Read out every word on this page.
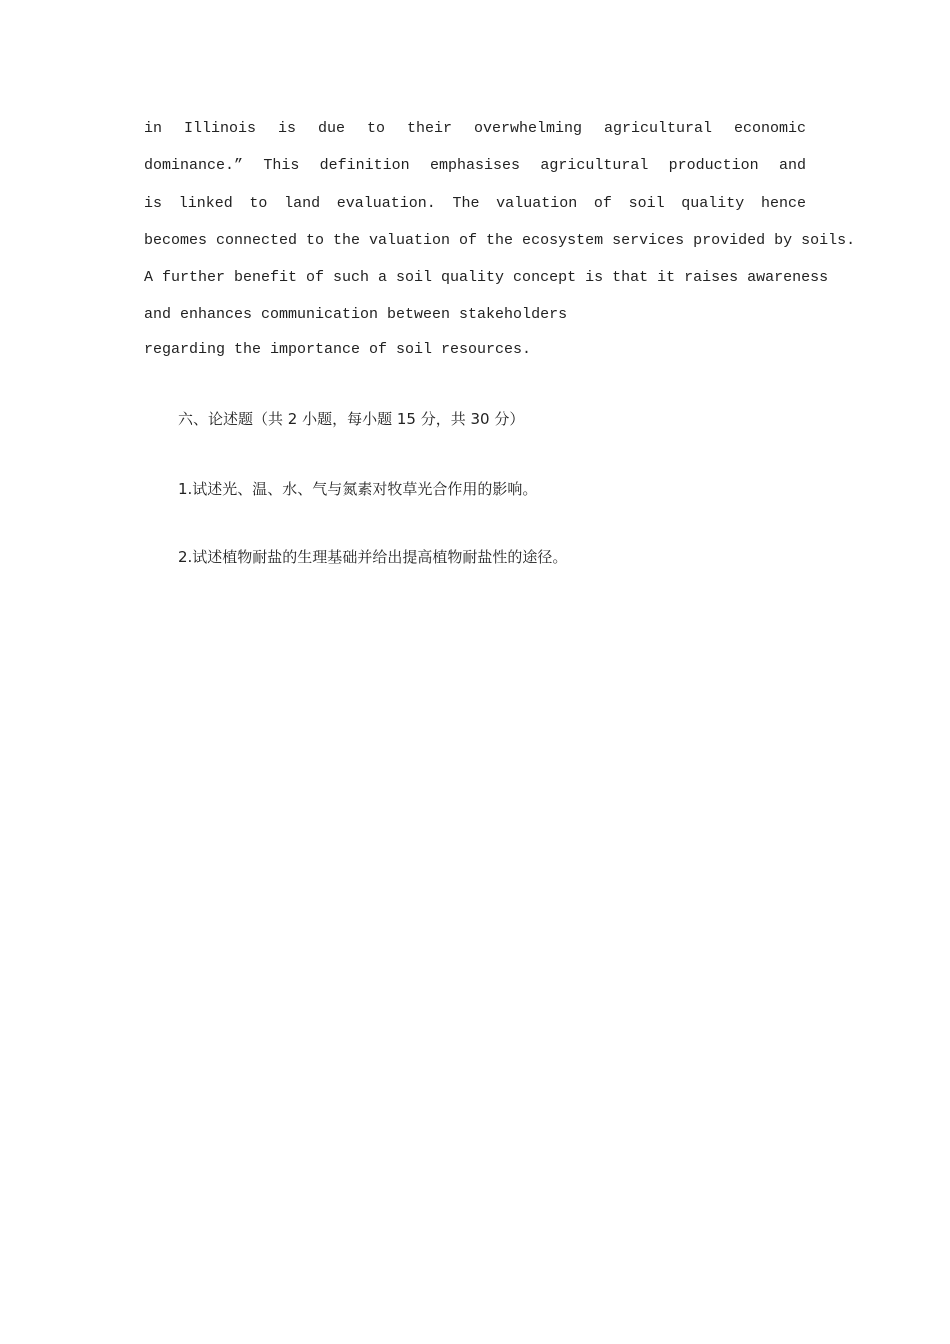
in Illinois is due to their overwhelming agricultural economic
dominance.” This definition emphasises agricultural production and
is linked to land evaluation. The valuation of soil quality hence
becomes connected to the valuation of the ecosystem services provided by soils.
A further benefit of such a soil quality concept is that it raises awareness
and enhances communication between stakeholders
regarding the importance of soil resources.
六、论述题（共 2 小题，每小题 15 分，共 30 分）
1.试述光、温、水、气与氮素对牧草光合作用的影响。
2.试述植物耐盐的生理基础并给出提高植物耐盐性的途径。
